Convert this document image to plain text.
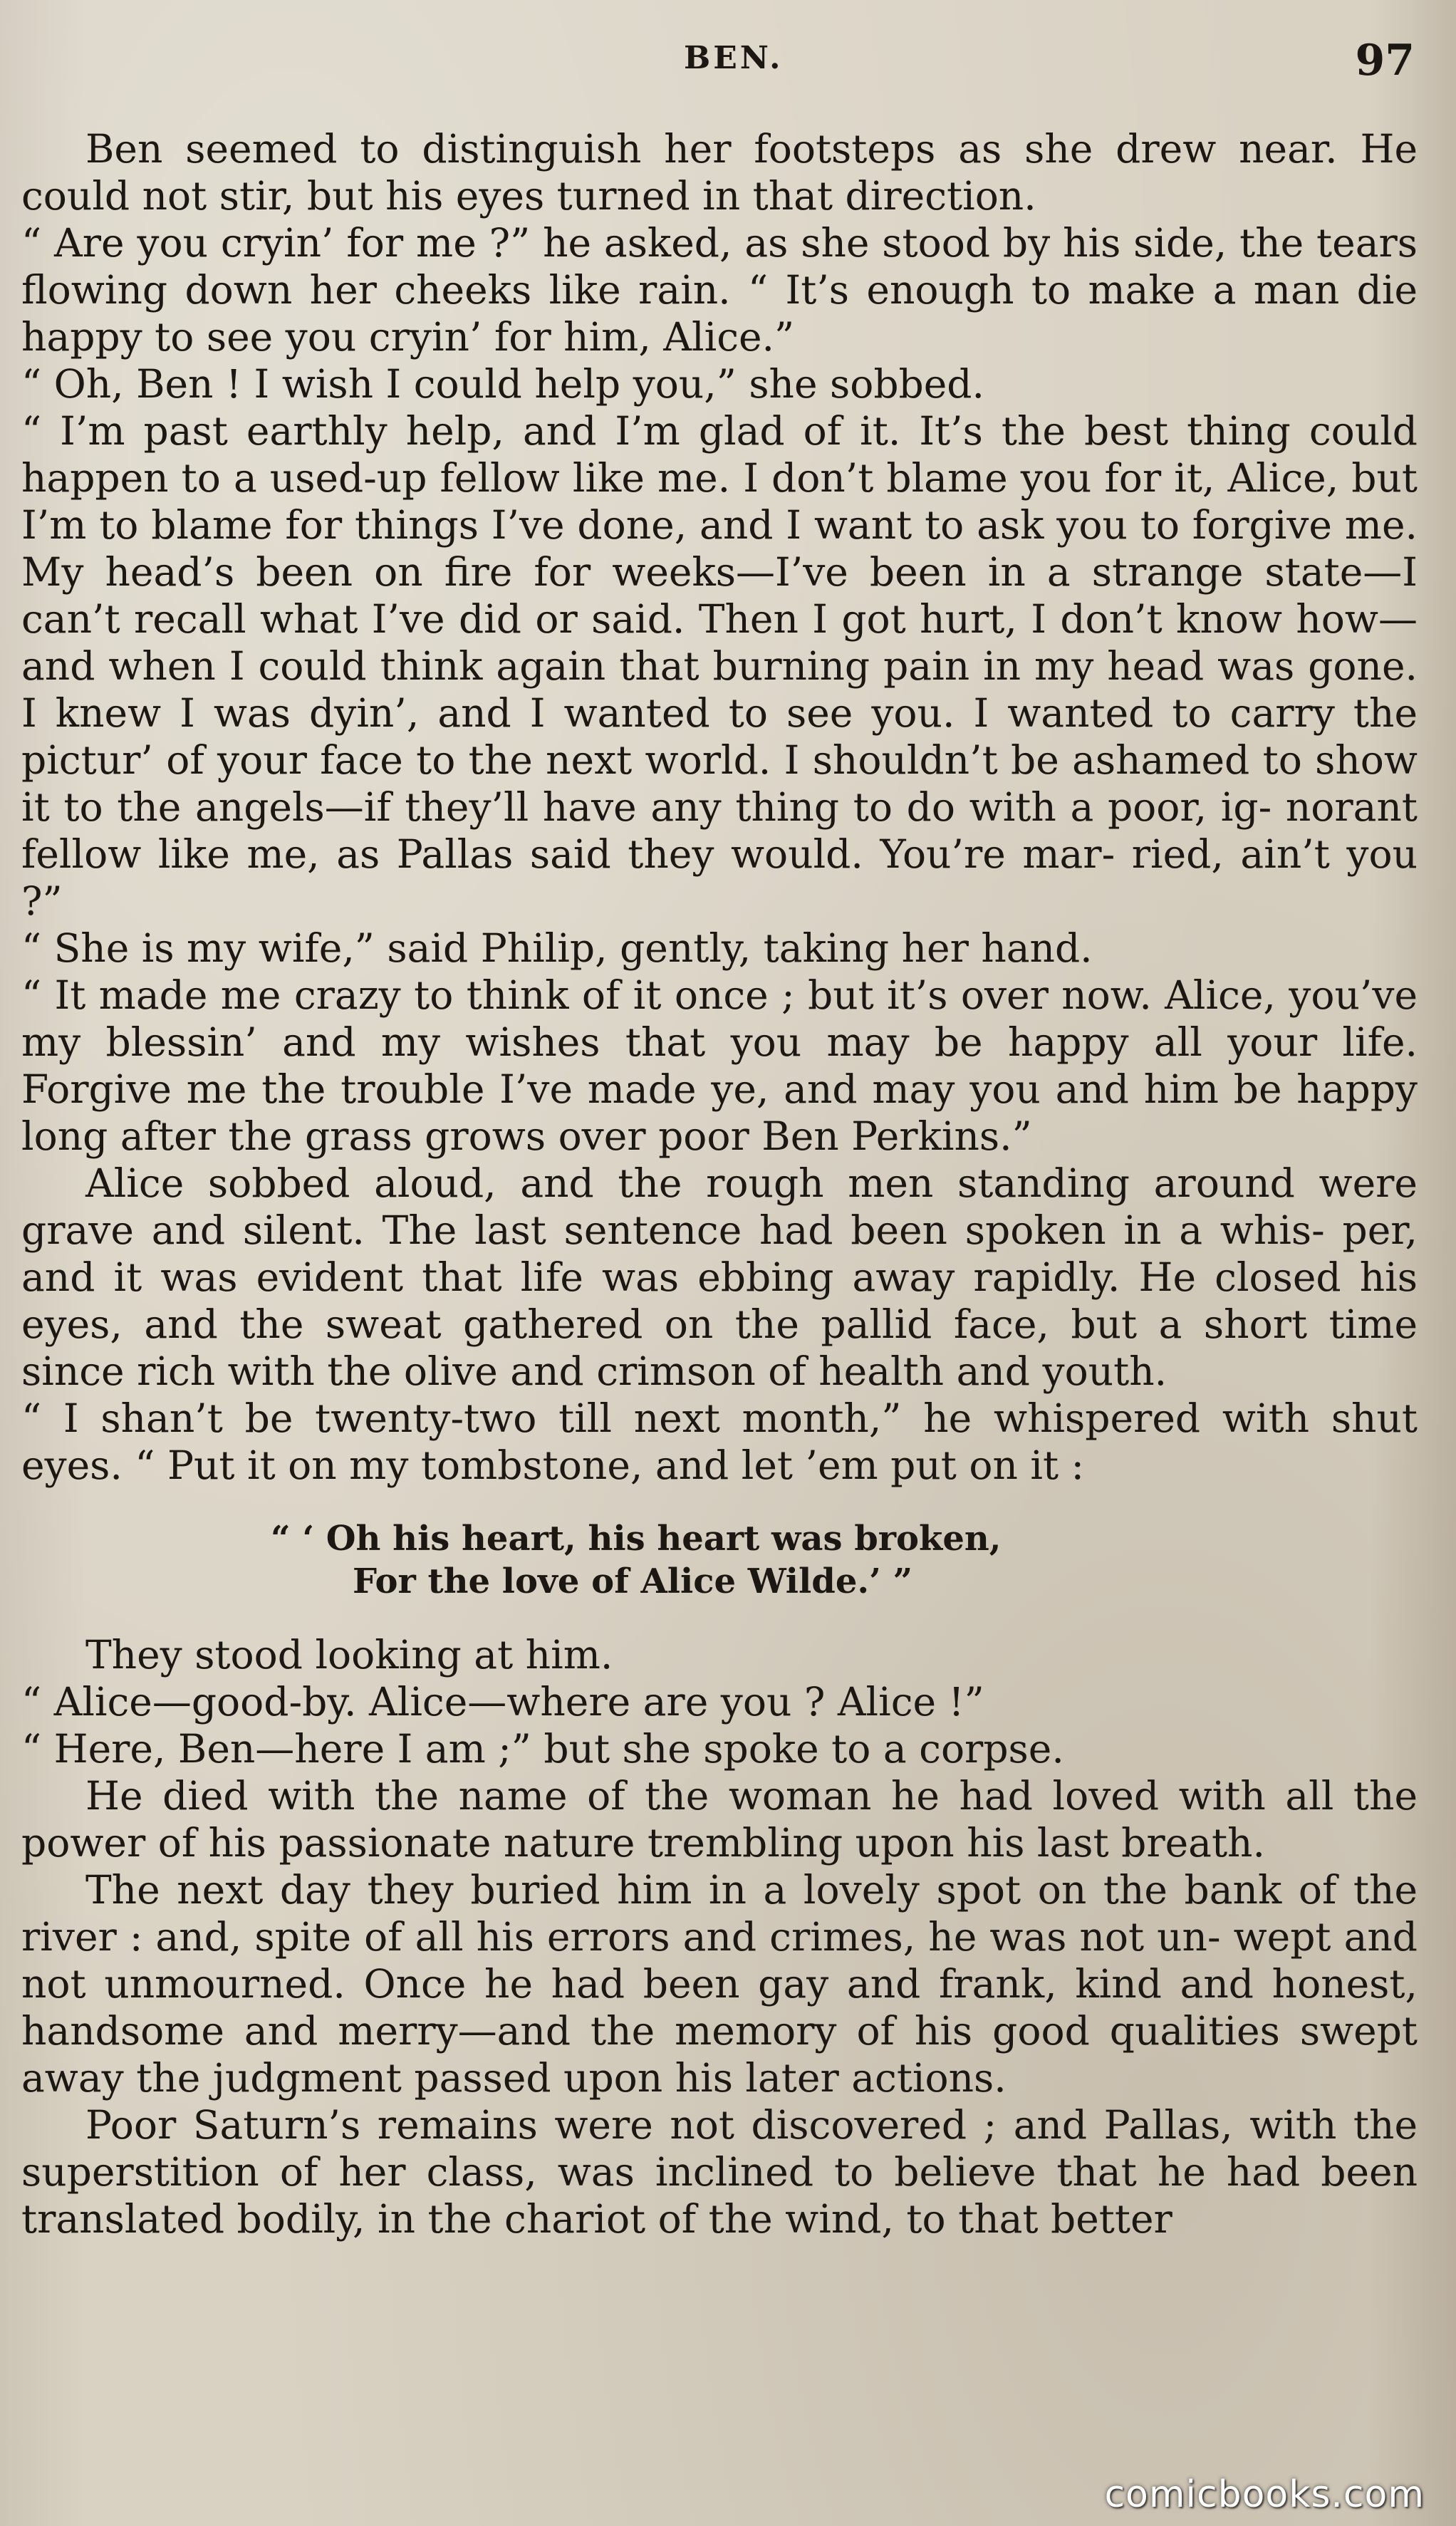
BEN.	97

Ben seemed to distinguish her footsteps as she drew near. He could not stir, but his eyes turned in that direction.

“ Are you cryin’ for me ?” he asked, as she stood by his side, the tears flowing down her cheeks like rain. “ It’s enough to make a man die happy to see you cryin’ for him, Alice.”

“ Oh, Ben ! I wish I could help you,” she sobbed.

“ I’m past earthly help, and I’m glad of it. It’s the best thing could happen to a used-up fellow like me. I don’t blame you for it, Alice, but I’m to blame for things I’ve done, and I want to ask you to forgive me. My head’s been on fire for weeks—I’ve been in a strange state—I can’t recall what I’ve did or said. Then I got hurt, I don’t know how—and when I could think again that burning pain in my head was gone. I knew I was dyin’, and I wanted to see you. I wanted to carry the pictur’ of your face to the next world. I shouldn’t be ashamed to show it to the angels—if they’ll have any thing to do with a poor, ig- norant fellow like me, as Pallas said they would. You’re mar- ried, ain’t you ?”

“ She is my wife,” said Philip, gently, taking her hand.

“ It made me crazy to think of it once ; but it’s over now. Alice, you’ve my blessin’ and my wishes that you may be happy all your life. Forgive me the trouble I’ve made ye, and may you and him be happy long after the grass grows over poor Ben Perkins.”

Alice sobbed aloud, and the rough men standing around were grave and silent. The last sentence had been spoken in a whis- per, and it was evident that life was ebbing away rapidly. He closed his eyes, and the sweat gathered on the pallid face, but a short time since rich with the olive and crimson of health and youth.

“ I shan’t be twenty-two till next month,” he whispered with shut eyes. “ Put it on my tombstone, and let ’em put on it :

“ ‘ Oh his heart, his heart was broken,
For the love of Alice Wilde.’ ”

They stood looking at him.

“ Alice—good-by. Alice—where are you ? Alice !”

“ Here, Ben—here I am ;” but she spoke to a corpse.

He died with the name of the woman he had loved with all the power of his passionate nature trembling upon his last breath.

The next day they buried him in a lovely spot on the bank of the river : and, spite of all his errors and crimes, he was not un- wept and not unmourned. Once he had been gay and frank, kind and honest, handsome and merry—and the memory of his good qualities swept away the judgment passed upon his later actions.

Poor Saturn’s remains were not discovered ; and Pallas, with the superstition of her class, was inclined to believe that he had been translated bodily, in the chariot of the wind, to that better

comicbooks.com
